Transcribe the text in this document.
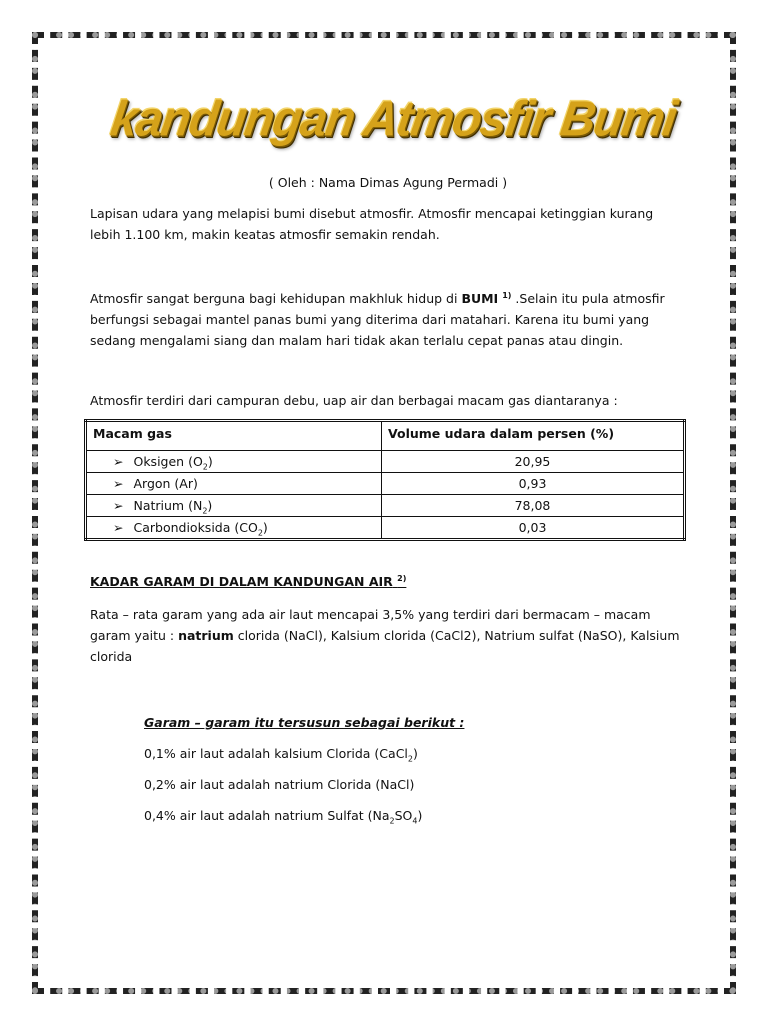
kandungan Atmosfir Bumi
( Oleh : Nama Dimas Agung Permadi )

Lapisan udara yang melapisi bumi disebut atmosfir. Atmosfir mencapai ketinggian kurang lebih 1.100 km, makin keatas atmosfir semakin rendah.

Atmosfir sangat berguna bagi kehidupan makhluk hidup di BUMI $^{1)}$ .Selain itu pula atmosfir berfungsi sebagai mantel panas bumi yang diterima dari matahari. Karena itu bumi yang sedang mengalami siang dan malam hari tidak akan terlalu cepat panas atau dingin.

Atmosfir terdiri dari campuran debu, uap air dan berbagai macam gas diantaranya :

Macam gas	Volume udara dalam persen (%)
➢ Oksigen $(O_2)$	20,95
➢ Argon (Ar)	0,93
➢ Natrium $(N_2)$	78,08
➢ Carbondioksida $(CO_2)$	0,03

KADAR GARAM DI DALAM KANDUNGAN AIR $^{2)}$

Rata – rata garam yang ada air laut mencapai 3,5% yang terdiri dari bermacam – macam garam yaitu : natrium clorida (NaCl), Kalsium clorida (CaCl2), Natrium sulfat (NaSO), Kalsium clorida

Garam – garam itu tersusun sebagai berikut :

0,1% air laut adalah kalsium Clorida (CaCl$_2$)

0,2% air laut adalah natrium Clorida (NaCl)

0,4% air laut adalah natrium Sulfat $(Na_2SO_4)$
